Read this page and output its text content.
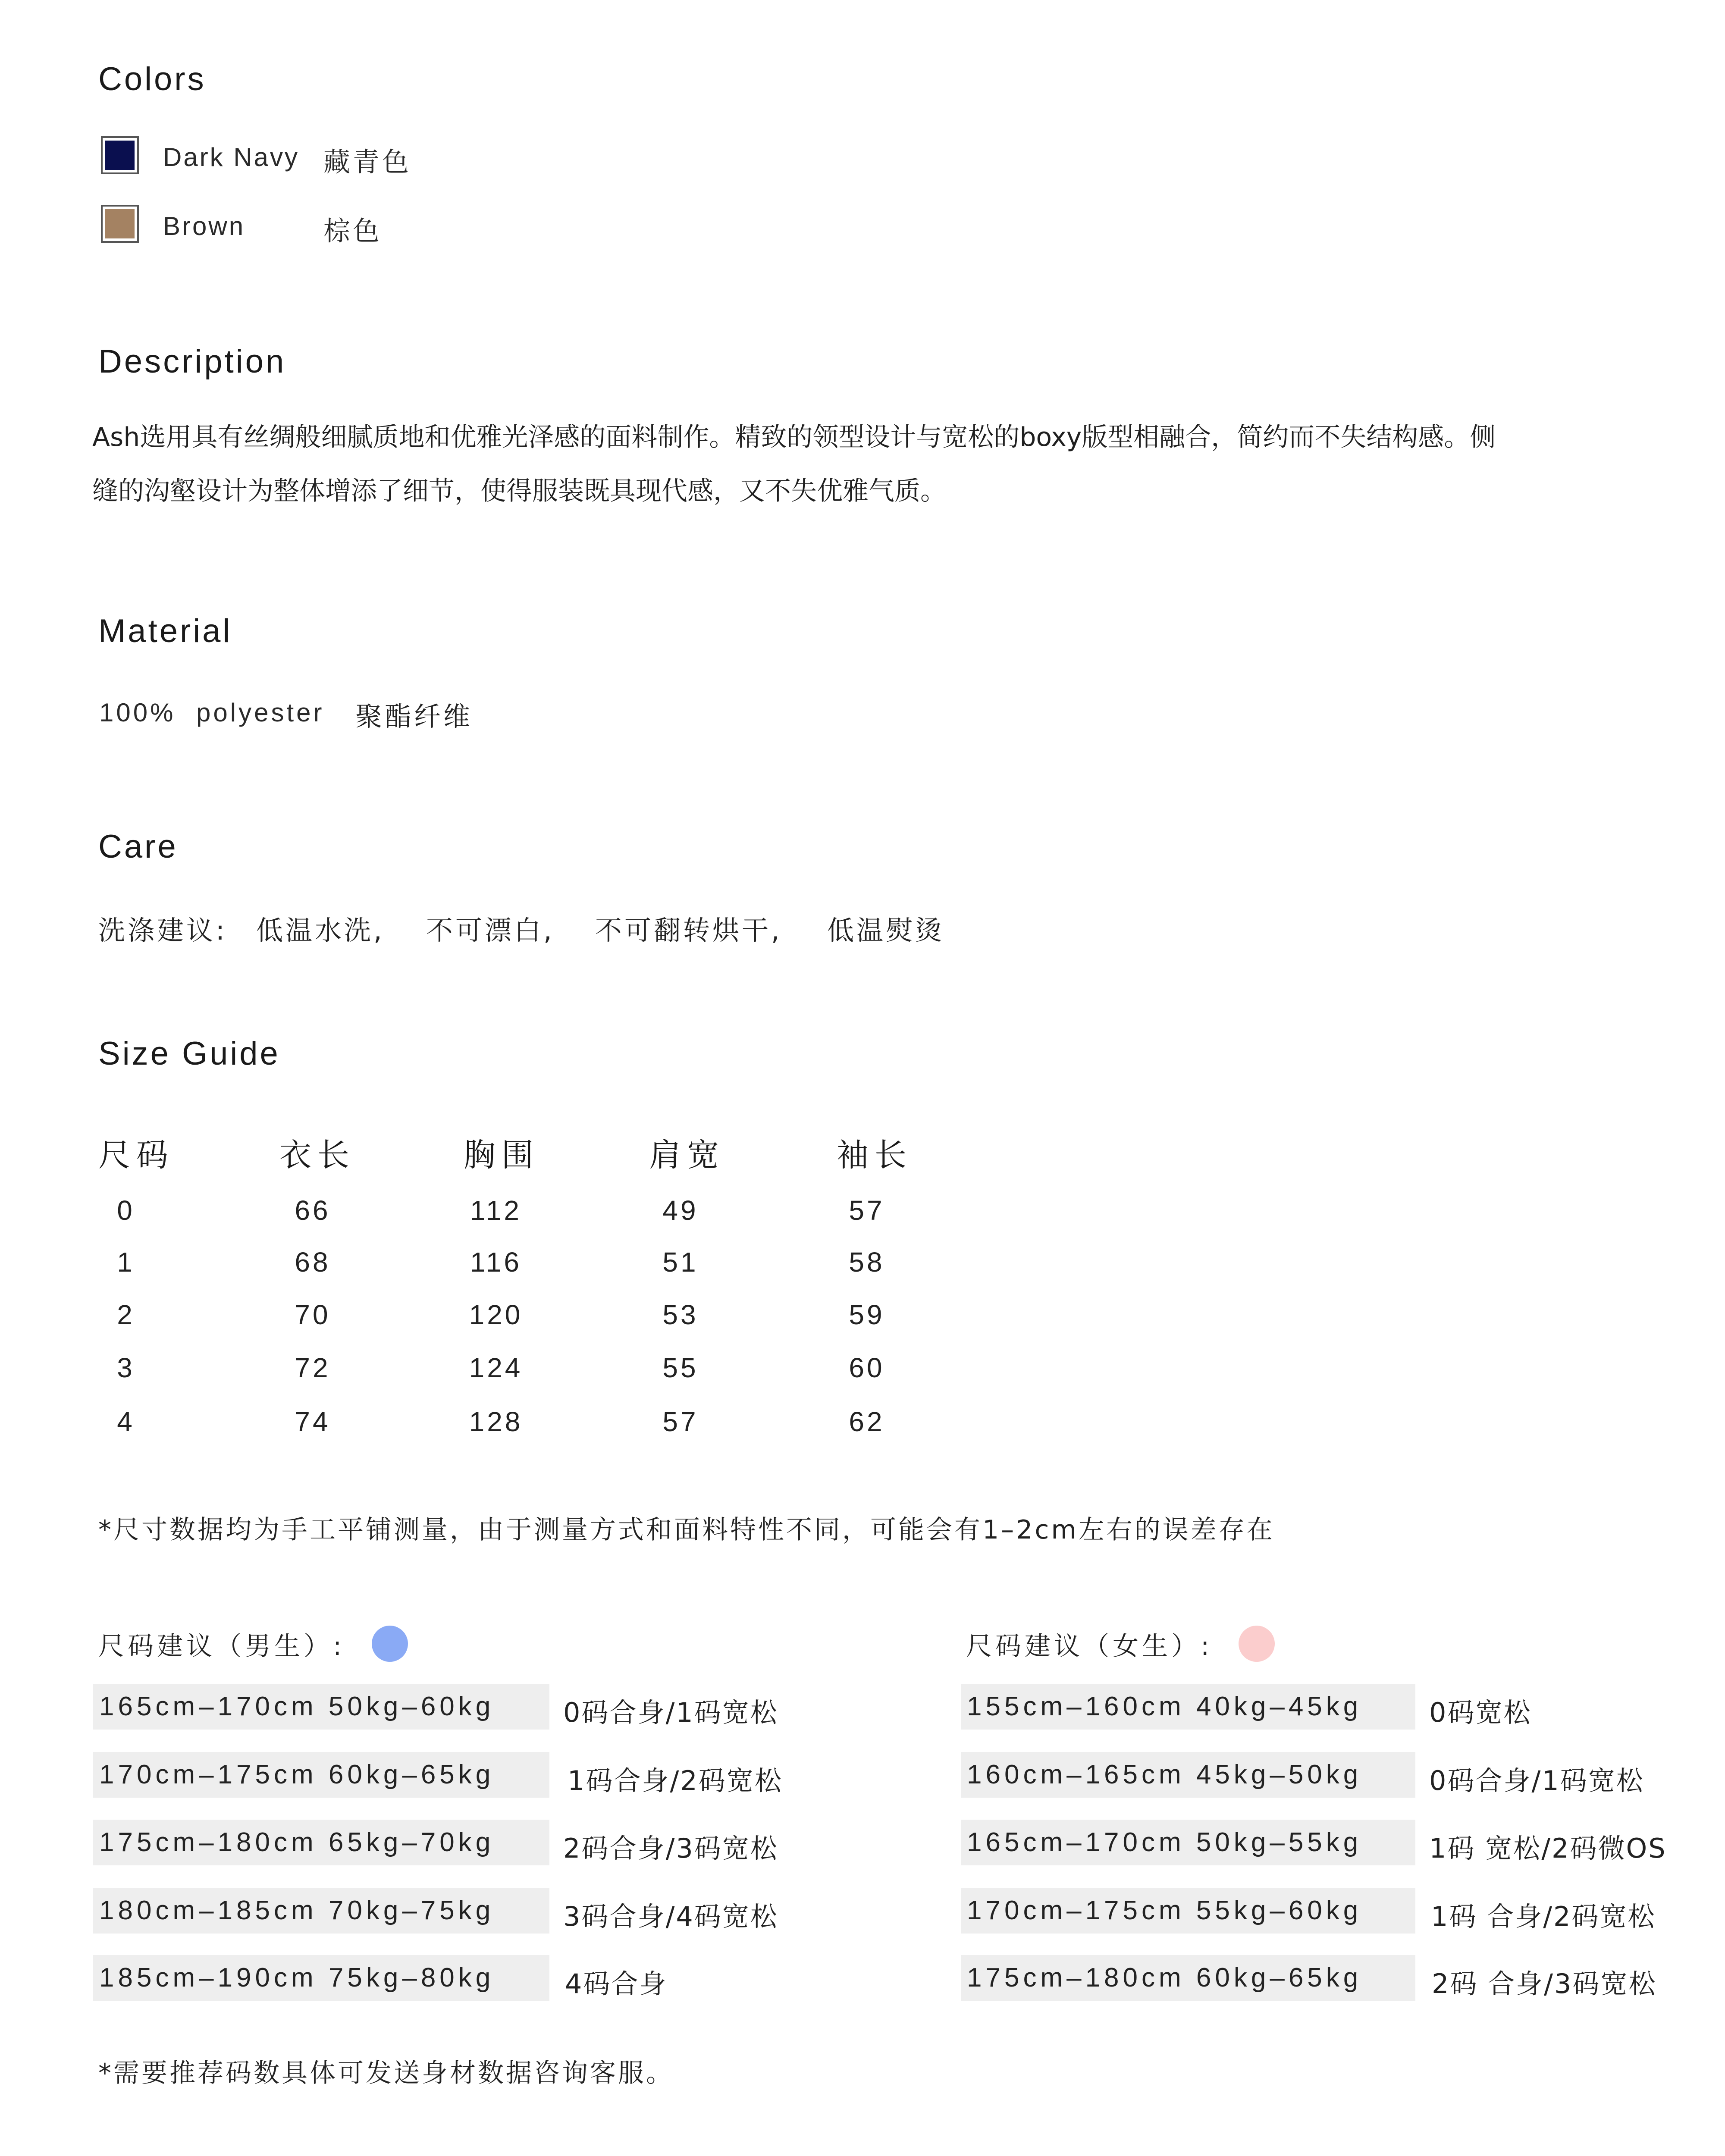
Colors
Dark Navy 藏青色
Brown	棕色
Description
Ash选用具有丝绸般细腻质地和优雅光泽感的面料制作。精致的领型设计与宽松的boxy版型相融合，简约而不失结构感。侧
缝的沟壑设计为整体增添了细节，使得服装既具现代感，又不失优雅气质。
Material
100% polyester 聚酯纤维
Care
洗涤建议: 低温水洗, 不可漂白, 不可翻转烘干, 低温熨烫
Size Guide
尺码	衣长	胸围	肩宽	袖长
0	66	112	49	57
1	68	116	51	58
2	70	120	53	59
3	72	124	55	60
4	74	128	57	62
*尺寸数据均为手工平铺测量，由于测量方式和面料特性不同，可能会有1–2cm左右的误差存在
尺码建议（男生）:
165cm–170cm 50kg–60kg	0码合身/1码宽松
170cm–175cm 60kg–65kg	1码合身/2码宽松
175cm–180cm 65kg–70kg	2码合身/3码宽松
180cm–185cm 70kg–75kg	3码合身/4码宽松
185cm–190cm 75kg–80kg	4码合身
尺码建议（女生）:
155cm–160cm 40kg–45kg	0码宽松
160cm–165cm 45kg–50kg	0码合身/1码宽松
165cm–170cm 50kg–55kg	1码 宽松/2码微OS
170cm–175cm 55kg–60kg	1码 合身/2码宽松
175cm–180cm 60kg–65kg	2码 合身/3码宽松
*需要推荐码数具体可发送身材数据咨询客服。
